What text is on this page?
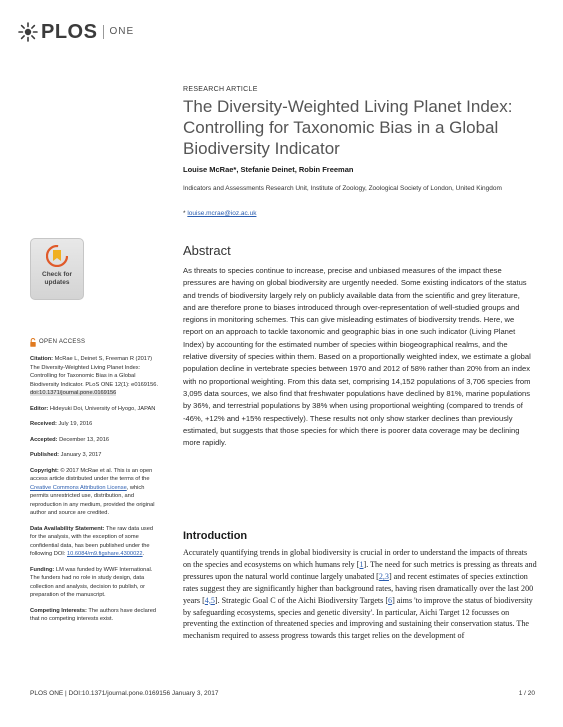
PLOS ONE
RESEARCH ARTICLE
The Diversity-Weighted Living Planet Index: Controlling for Taxonomic Bias in a Global Biodiversity Indicator
Louise McRae*, Stefanie Deinet, Robin Freeman
Indicators and Assessments Research Unit, Institute of Zoology, Zoological Society of London, United Kingdom
* louise.mcrae@ioz.ac.uk
Check for
updates
OPEN ACCESS
Citation: McRae L, Deinet S, Freeman R (2017) The Diversity-Weighted Living Planet Index: Controlling for Taxonomic Bias in a Global Biodiversity Indicator. PLoS ONE 12(1): e0169156. doi:10.1371/journal.pone.0169156
Editor: Hideyuki Doi, University of Hyogo, JAPAN
Received: July 19, 2016
Accepted: December 13, 2016
Published: January 3, 2017
Copyright: © 2017 McRae et al. This is an open access article distributed under the terms of the Creative Commons Attribution License, which permits unrestricted use, distribution, and reproduction in any medium, provided the original author and source are credited.
Data Availability Statement: The raw data used for the analysis, with the exception of some confidential data, has been published under the following DOI: 10.6084/m9.figshare.4300022.
Funding: LM was funded by WWF International. The funders had no role in study design, data collection and analysis, decision to publish, or preparation of the manuscript.
Competing Interests: The authors have declared that no competing interests exist.
Abstract

As threats to species continue to increase, precise and unbiased measures of the impact these pressures are having on global biodiversity are urgently needed. Some existing indicators of the status and trends of biodiversity largely rely on publicly available data from the scientific and grey literature, and are therefore prone to biases introduced through over-representation of well-studied groups and regions in monitoring schemes. This can give misleading estimates of biodiversity trends. Here, we report on an approach to tackle taxonomic and geographic bias in one such indicator (Living Planet Index) by accounting for the estimated number of species within biogeographical realms, and the relative diversity of species within them. Based on a proportionally weighted index, we estimate a global population decline in vertebrate species between 1970 and 2012 of 58% rather than 20% from an index with no proportional weighting. From this data set, comprising 14,152 populations of 3,706 species from 3,095 data sources, we also find that freshwater populations have declined by 81%, marine populations by 36%, and terrestrial populations by 38% when using proportional weighting (compared to trends of -46%, +12% and +15% respectively). These results not only show starker declines than previously estimated, but suggests that those species for which there is poorer data coverage may be declining more rapidly.

Introduction

Accurately quantifying trends in global biodiversity is crucial in order to understand the impacts of threats on the species and ecosystems on which humans rely [1]. The need for such metrics is pressing as threats and pressures upon the natural world continue largely unabated [2,3] and recent estimates of species extinction rates suggest they are significantly higher than background rates, having risen dramatically over the last 200 years [4,5]. Strategic Goal C of the Aichi Biodiversity Targets [6] aims 'to improve the status of biodiversity by safeguarding ecosystems, species and genetic diversity'. In particular, Aichi Target 12 focusses on preventing the extinction of threatened species and improving and sustaining their conservation status. The mechanism required to assess progress towards this target relies on the development of

PLOS ONE | DOI:10.1371/journal.pone.0169156 January 3, 2017	1 / 20
